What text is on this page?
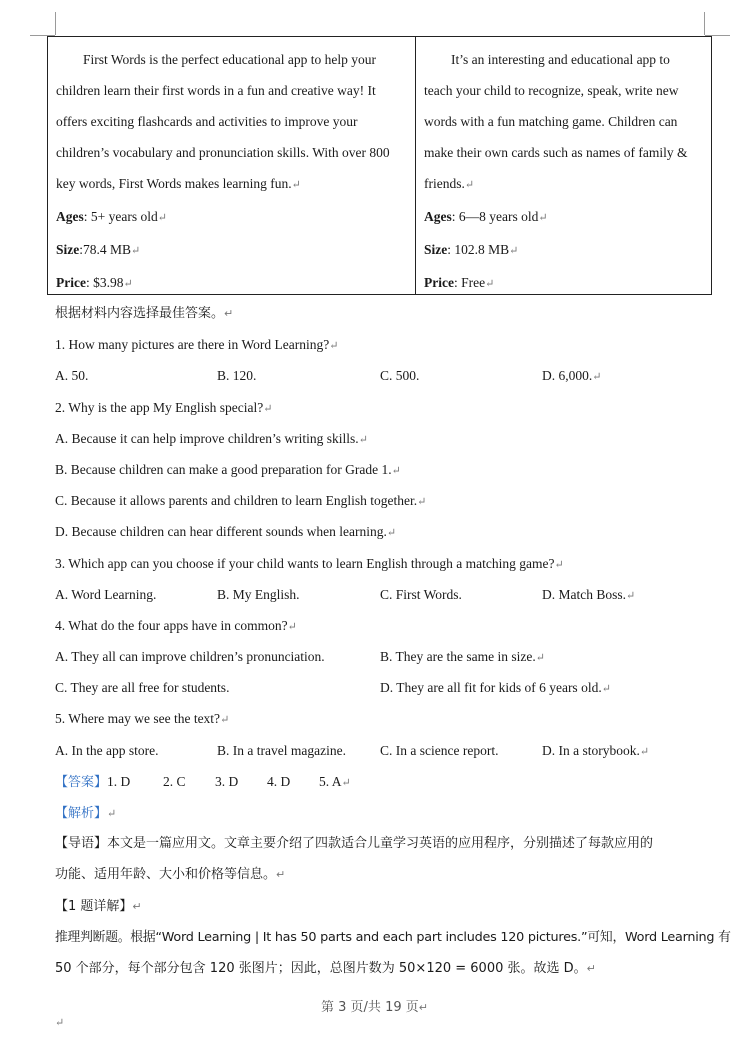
First Words is the perfect educational app to help your
children learn their first words in a fun and creative way! It
offers exciting flashcards and activities to improve your
children’s vocabulary and pronunciation skills. With over 800
key words, First Words makes learning fun.↵

Ages: 5+ years old↵

Size:78.4 MB↵

Price: $3.98↵

It’s an interesting and educational app to
teach your child to recognize, speak, write new
words with a fun matching game. Children can
make their own cards such as names of family &
friends.↵

Ages: 6—8 years old↵

Size: 102.8 MB↵

Price: Free↵

根据材料内容选择最佳答案。↵
1. How many pictures are there in Word Learning?↵
A. 50.	B. 120.	C. 500.	D. 6,000.↵
2. Why is the app My English special?↵
A. Because it can help improve children’s writing skills.↵
B. Because children can make a good preparation for Grade 1.↵
C. Because it allows parents and children to learn English together.↵
D. Because children can hear different sounds when learning.↵
3. Which app can you choose if your child wants to learn English through a matching game?↵
A. Word Learning.	B. My English.	C. First Words.	D. Match Boss.↵
4. What do the four apps have in common?↵
A. They all can improve children’s pronunciation.	B. They are the same in size.↵
C. They are all free for students.	D. They are all fit for kids of 6 years old.↵
5. Where may we see the text?↵
A. In the app store.	B. In a travel magazine.	C. In a science report.	D. In a storybook.↵
【答案】1. D 2. C 3. D 4. D 5. A↵
【解析】↵
【导语】本文是一篇应用文。文章主要介绍了四款适合儿童学习英语的应用程序，分别描述了每款应用的
功能、适用年龄、大小和价格等信息。↵
【1 题详解】↵
推理判断题。根据“Word Learning | It has 50 parts and each part includes 120 pictures.”可知，Word Learning 有
50 个部分，每个部分包含 120 张图片；因此，总图片数为 50×120 = 6000 张。故选 D。↵
第 3 页/共 19 页↵
↵
